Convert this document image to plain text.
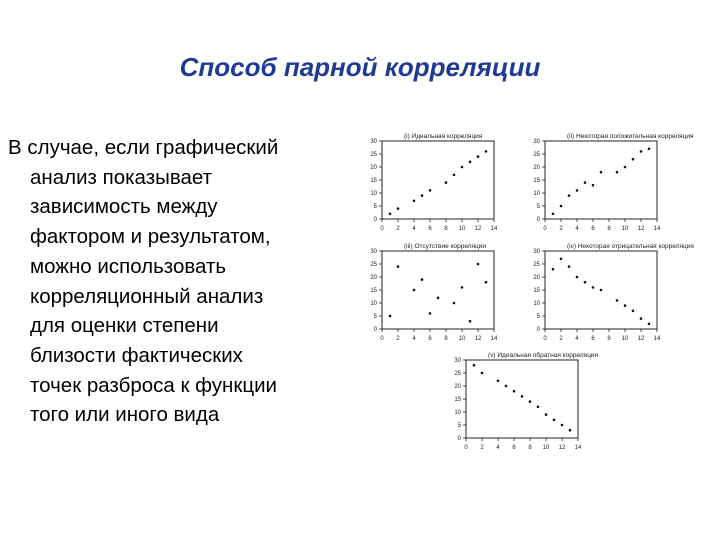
Способ парной корреляции
В случае, если графический
анализ показывает
зависимость между
фактором и результатом,
можно использовать
корреляционный анализ
для оценки степени
близости фактических
точек разброса к функции
того или иного вида
(i) Идеальная корреляция
0
5
10
15
20
25
30
0 2 4 6 8 10 12 14
(ii) Некоторая положительная корреляция
0
5
10
15
20
25
30
0 2 4 6 8 10 12 14
(iii) Отсутствие корреляции
0
5
10
15
20
25
30
0 2 4 6 8 10 12 14
(iv) Некоторая отрицательная корреляция
0
5
10
15
20
25
30
0 2 4 6 8 10 12 14
(v) Идеальная обратная корреляция
0
5
10
15
20
25
30
0 2 4 6 8 10 12 14
